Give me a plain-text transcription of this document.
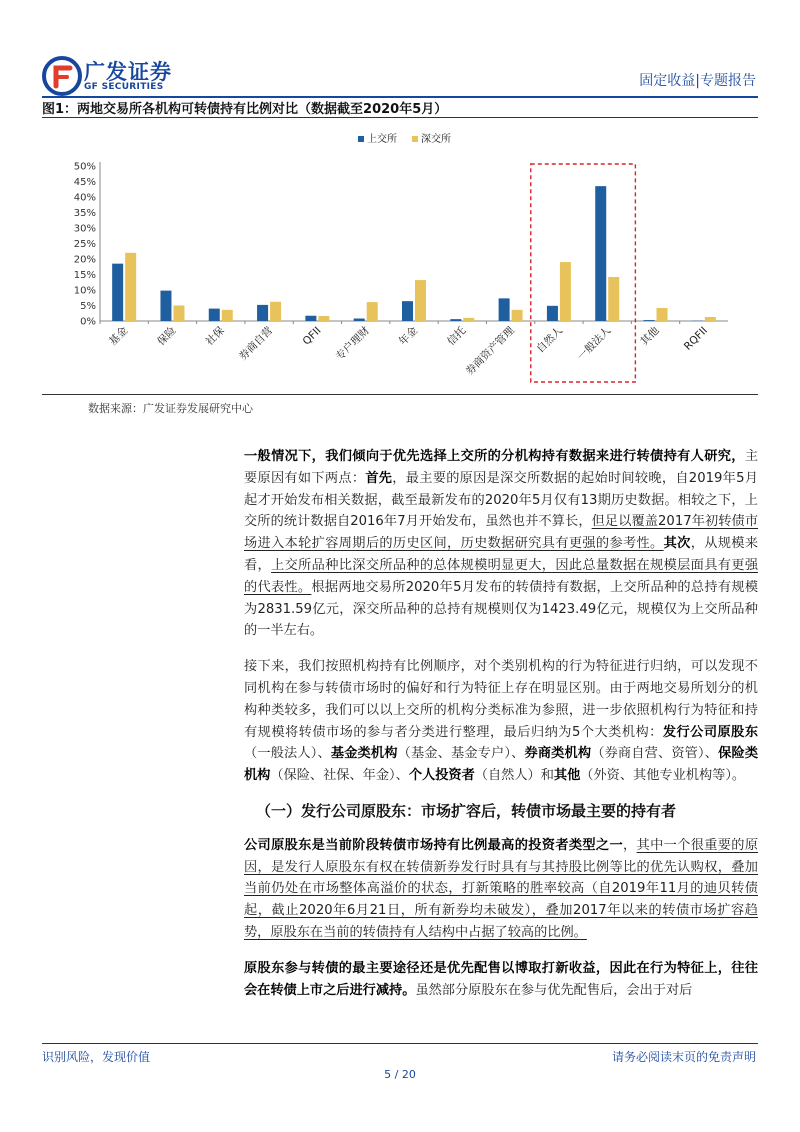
广发证券
GF SECURITIES	固定收益|专题报告
图1：两地交易所各机构可转债持有比例对比（数据截至2020年5月）
0%
5%
10%
15%
20%
25%
30%
35%
40%
45%
50%
基金 保险 社保 券商自营 QFII 专户理财 年金 信托
券商资产管理 自然人 一般法人 其他 RQFII
上交所 深交所
数据来源：广发证券发展研究中心

一般情况下，我们倾向于优先选择上交所的分机构持有数据来进行转债持有人研究，主要原因有如下两点：首先，最主要的原因是深交所数据的起始时间较晚，自2019年5月起才开始发布相关数据，截至最新发布的2020年5月仅有13期历史数据。相较之下，上交所的统计数据自2016年7月开始发布，虽然也并不算长，但足以覆盖2017年初转债市场进入本轮扩容周期后的历史区间，历史数据研究具有更强的参考性。其次，从规模来看，上交所品种比深交所品种的总体规模明显更大，因此总量数据在规模层面具有更强的代表性。根据两地交易所2020年5月发布的转债持有数据，上交所品种的总持有规模为2831.59亿元，深交所品种的总持有规模则仅为1423.49亿元，规模仅为上交所品种的一半左右。

接下来，我们按照机构持有比例顺序，对个类别机构的行为特征进行归纳，可以发现不同机构在参与转债市场时的偏好和行为特征上存在明显区别。由于两地交易所划分的机构种类较多，我们可以以上交所的机构分类标准为参照，进一步依照机构行为特征和持有规模将转债市场的参与者分类进行整理，最后归纳为5个大类机构：发行公司原股东（一般法人）、基金类机构（基金、基金专户）、券商类机构（券商自营、资管）、保险类机构（保险、社保、年金）、个人投资者（自然人）和其他（外资、其他专业机构等）。

（一）发行公司原股东：市场扩容后，转债市场最主要的持有者

公司原股东是当前阶段转债市场持有比例最高的投资者类型之一，其中一个很重要的原因，是发行人原股东有权在转债新券发行时具有与其持股比例等比的优先认购权，叠加当前仍处在市场整体高溢价的状态，打新策略的胜率较高（自2019年11月的迪贝转债起，截止2020年6月21日，所有新券均未破发），叠加2017年以来的转债市场扩容趋势，原股东在当前的转债持有人结构中占据了较高的比例。

原股东参与转债的最主要途径还是优先配售以博取打新收益，因此在行为特征上，往往会在转债上市之后进行减持。虽然部分原股东在参与优先配售后，会出于对后

识别风险，发现价值	请务必阅读末页的免责声明
5 / 20
